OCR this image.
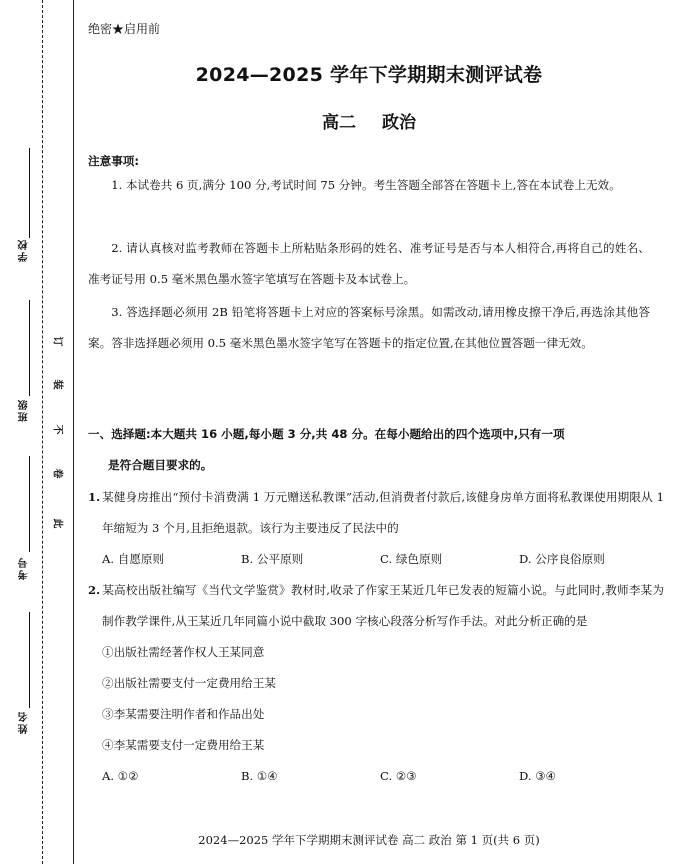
学校
班级
考号
姓名
订
装
不
卷
此
绝密★启用前
2024—2025 学年下学期期末测评试卷
高二 政治
注意事项:
1. 本试卷共 6 页,满分 100 分,考试时间 75 分钟。考生答题全部答在答题卡上,答在本试卷上无效。
2. 请认真核对监考教师在答题卡上所粘贴条形码的姓名、准考证号是否与本人相符合,再将自己的姓名、准考证号用 0.5 毫米黑色墨水签字笔填写在答题卡及本试卷上。
3. 答选择题必须用 2B 铅笔将答题卡上对应的答案标号涂黑。如需改动,请用橡皮擦干净后,再选涂其他答案。答非选择题必须用 0.5 毫米黑色墨水签字笔写在答题卡的指定位置,在其他位置答题一律无效。
一、选择题:本大题共 16 小题,每小题 3 分,共 48 分。在每小题给出的四个选项中,只有一项
是符合题目要求的。
1. 某健身房推出“预付卡消费满 1 万元赠送私教课”活动,但消费者付款后,该健身房单方面将私教课使用期限从 1 年缩短为 3 个月,且拒绝退款。该行为主要违反了民法中的
A. 自愿原则	B. 公平原则	C. 绿色原则	D. 公序良俗原则
2. 某高校出版社编写《当代文学鉴赏》教材时,收录了作家王某近几年已发表的短篇小说。与此同时,教师李某为制作教学课件,从王某近几年同篇小说中截取 300 字核心段落分析写作手法。对此分析正确的是
①出版社需经著作权人王某同意
②出版社需要支付一定费用给王某
③李某需要注明作者和作品出处
④李某需要支付一定费用给王某
A. ①②	B. ①④	C. ②③	D. ③④
2024—2025 学年下学期期末测评试卷 高二 政治 第 1 页(共 6 页)
